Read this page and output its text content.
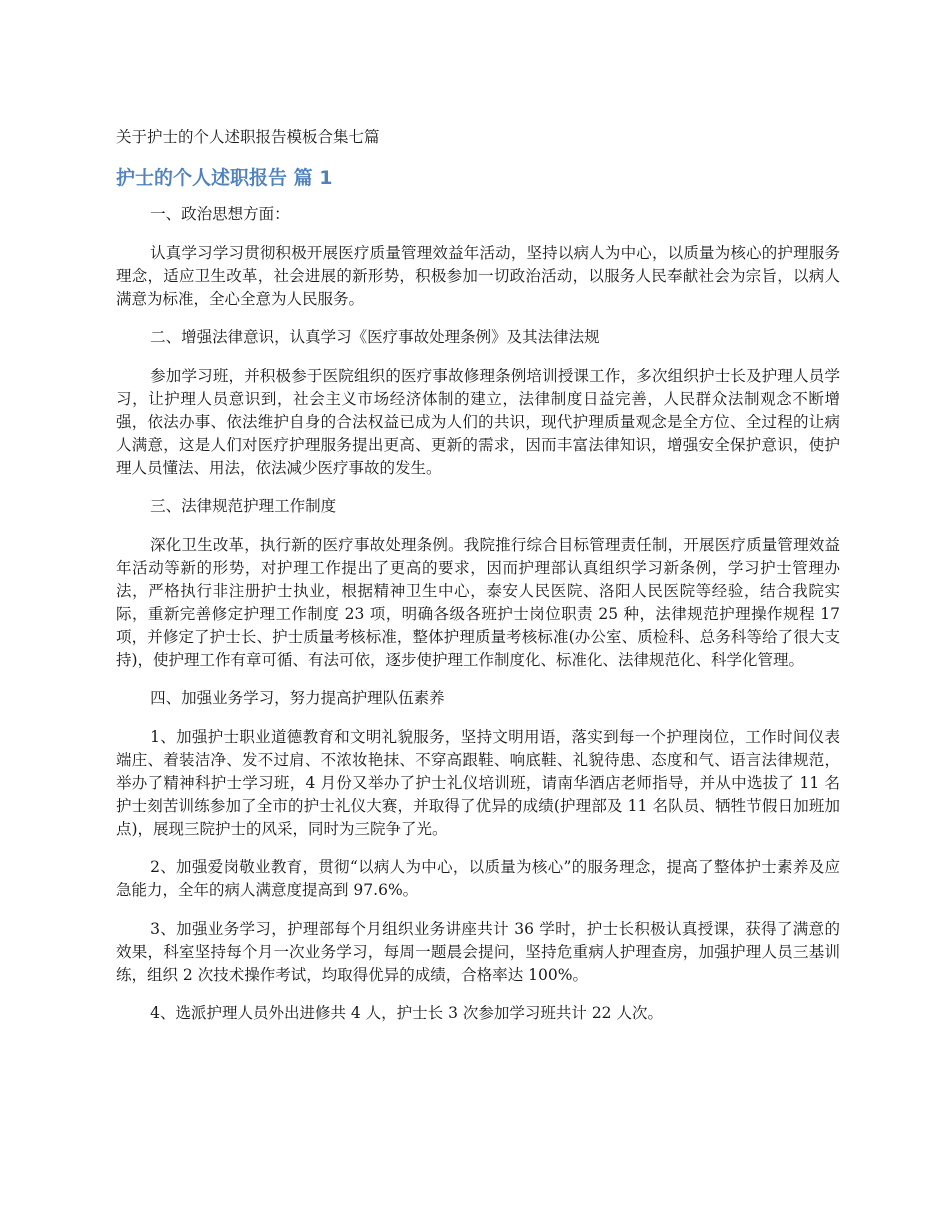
关于护士的个人述职报告模板合集七篇
护士的个人述职报告 篇 1

一、政治思想方面：

认真学习学习贯彻积极开展医疗质量管理效益年活动，坚持以病人为中心，以质量为核心的护理服务理念，适应卫生改革，社会进展的新形势，积极参加一切政治活动，以服务人民奉献社会为宗旨，以病人满意为标准，全心全意为人民服务。

二、增强法律意识，认真学习《医疗事故处理条例》及其法律法规

参加学习班，并积极参于医院组织的医疗事故修理条例培训授课工作，多次组织护士长及护理人员学习，让护理人员意识到，社会主义市场经济体制的建立，法律制度日益完善，人民群众法制观念不断增强，依法办事、依法维护自身的合法权益已成为人们的共识，现代护理质量观念是全方位、全过程的让病人满意，这是人们对医疗护理服务提出更高、更新的需求，因而丰富法律知识，增强安全保护意识，使护理人员懂法、用法，依法减少医疗事故的发生。

三、法律规范护理工作制度

深化卫生改革，执行新的医疗事故处理条例。我院推行综合目标管理责任制，开展医疗质量管理效益年活动等新的形势，对护理工作提出了更高的要求，因而护理部认真组织学习新条例，学习护士管理办法，严格执行非注册护士执业，根据精神卫生中心，泰安人民医院、洛阳人民医院等经验，结合我院实际，重新完善修定护理工作制度 23 项，明确各级各班护士岗位职责 25 种，法律规范护理操作规程 17 项，并修定了护士长、护士质量考核标准，整体护理质量考核标准(办公室、质检科、总务科等给了很大支持)，使护理工作有章可循、有法可依，逐步使护理工作制度化、标准化、法律规范化、科学化管理。

四、加强业务学习，努力提高护理队伍素养

1、加强护士职业道德教育和文明礼貌服务，坚持文明用语，落实到每一个护理岗位，工作时间仪表端庄、着装洁净、发不过肩、不浓妆艳抹、不穿高跟鞋、响底鞋、礼貌待患、态度和气、语言法律规范，举办了精神科护士学习班，4 月份又举办了护士礼仪培训班，请南华酒店老师指导，并从中选拔了 11 名护士刻苦训练参加了全市的护士礼仪大赛，并取得了优异的成绩(护理部及 11 名队员、牺牲节假日加班加点)，展现三院护士的风采，同时为三院争了光。

2、加强爱岗敬业教育，贯彻“以病人为中心，以质量为核心”的服务理念，提高了整体护士素养及应急能力，全年的病人满意度提高到 97.6%。

3、加强业务学习，护理部每个月组织业务讲座共计 36 学时，护士长积极认真授课，获得了满意的效果，科室坚持每个月一次业务学习，每周一题晨会提问，坚持危重病人护理查房，加强护理人员三基训练，组织 2 次技术操作考试，均取得优异的成绩，合格率达 100%。

4、选派护理人员外出进修共 4 人，护士长 3 次参加学习班共计 22 人次。
